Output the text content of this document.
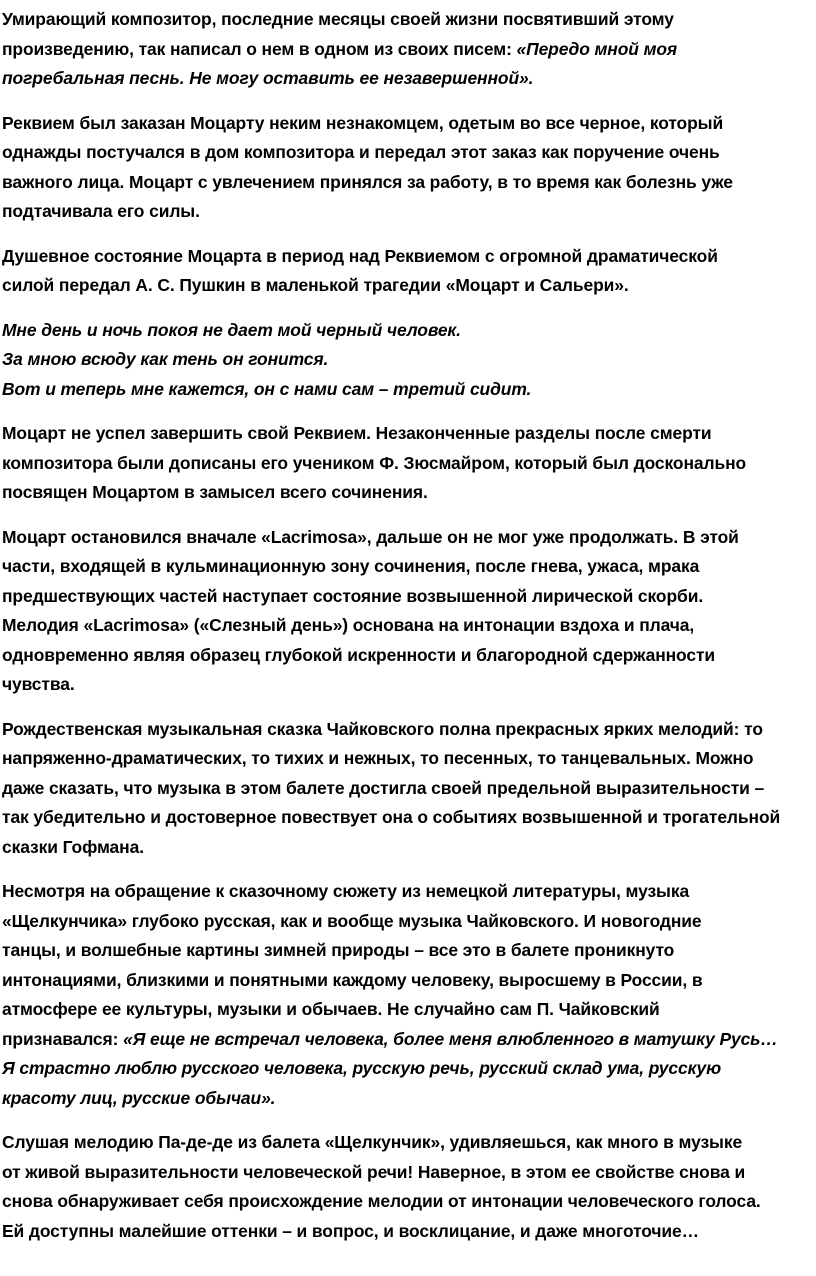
Умирающий композитор, последние месяцы своей жизни посвятивший этому
произведению, так написал о нем в одном из своих писем: «Передо мной моя
погребальная песнь. Не могу оставить ее незавершенной».

Реквием был заказан Моцарту неким незнакомцем, одетым во все черное, который
однажды постучался в дом композитора и передал этот заказ как поручение очень
важного лица. Моцарт с увлечением принялся за работу, в то время как болезнь уже
подтачивала его силы.

Душевное состояние Моцарта в период над Реквиемом с огромной драматической
силой передал А. С. Пушкин в маленькой трагедии «Моцарт и Сальери».

Мне день и ночь покоя не дает мой черный человек.
За мною всюду как тень он гонится.
Вот и теперь мне кажется, он с нами сам – третий сидит.

Моцарт не успел завершить свой Реквием. Незаконченные разделы после смерти
композитора были дописаны его учеником Ф. Зюсмайром, который был досконально
посвящен Моцартом в замысел всего сочинения.

Моцарт остановился вначале «Lacrimosa», дальше он не мог уже продолжать. В этой
части, входящей в кульминационную зону сочинения, после гнева, ужаса, мрака
предшествующих частей наступает состояние возвышенной лирической скорби.
Мелодия «Lacrimosa» («Слезный день») основана на интонации вздоха и плача,
одновременно являя образец глубокой искренности и благородной сдержанности
чувства.

Рождественская музыкальная сказка Чайковского полна прекрасных ярких мелодий: то
напряженно-драматических, то тихих и нежных, то песенных, то танцевальных. Можно
даже сказать, что музыка в этом балете достигла своей предельной выразительности –
так убедительно и достоверное повествует она о событиях возвышенной и трогательной
сказки Гофмана.

Несмотря на обращение к сказочному сюжету из немецкой литературы, музыка
«Щелкунчика» глубоко русская, как и вообще музыка Чайковского. И новогодние
танцы, и волшебные картины зимней природы – все это в балете проникнуто
интонациями, близкими и понятными каждому человеку, выросшему в России, в
атмосфере ее культуры, музыки и обычаев. Не случайно сам П. Чайковский
признавался: «Я еще не встречал человека, более меня влюбленного в матушку Русь…
Я страстно люблю русского человека, русскую речь, русский склад ума, русскую
красоту лиц, русские обычаи».

Слушая мелодию Па-де-де из балета «Щелкунчик», удивляешься, как много в музыке
от живой выразительности человеческой речи! Наверное, в этом ее свойстве снова и
снова обнаруживает себя происхождение мелодии от интонации человеческого голоса.
Ей доступны малейшие оттенки – и вопрос, и восклицание, и даже многоточие…
